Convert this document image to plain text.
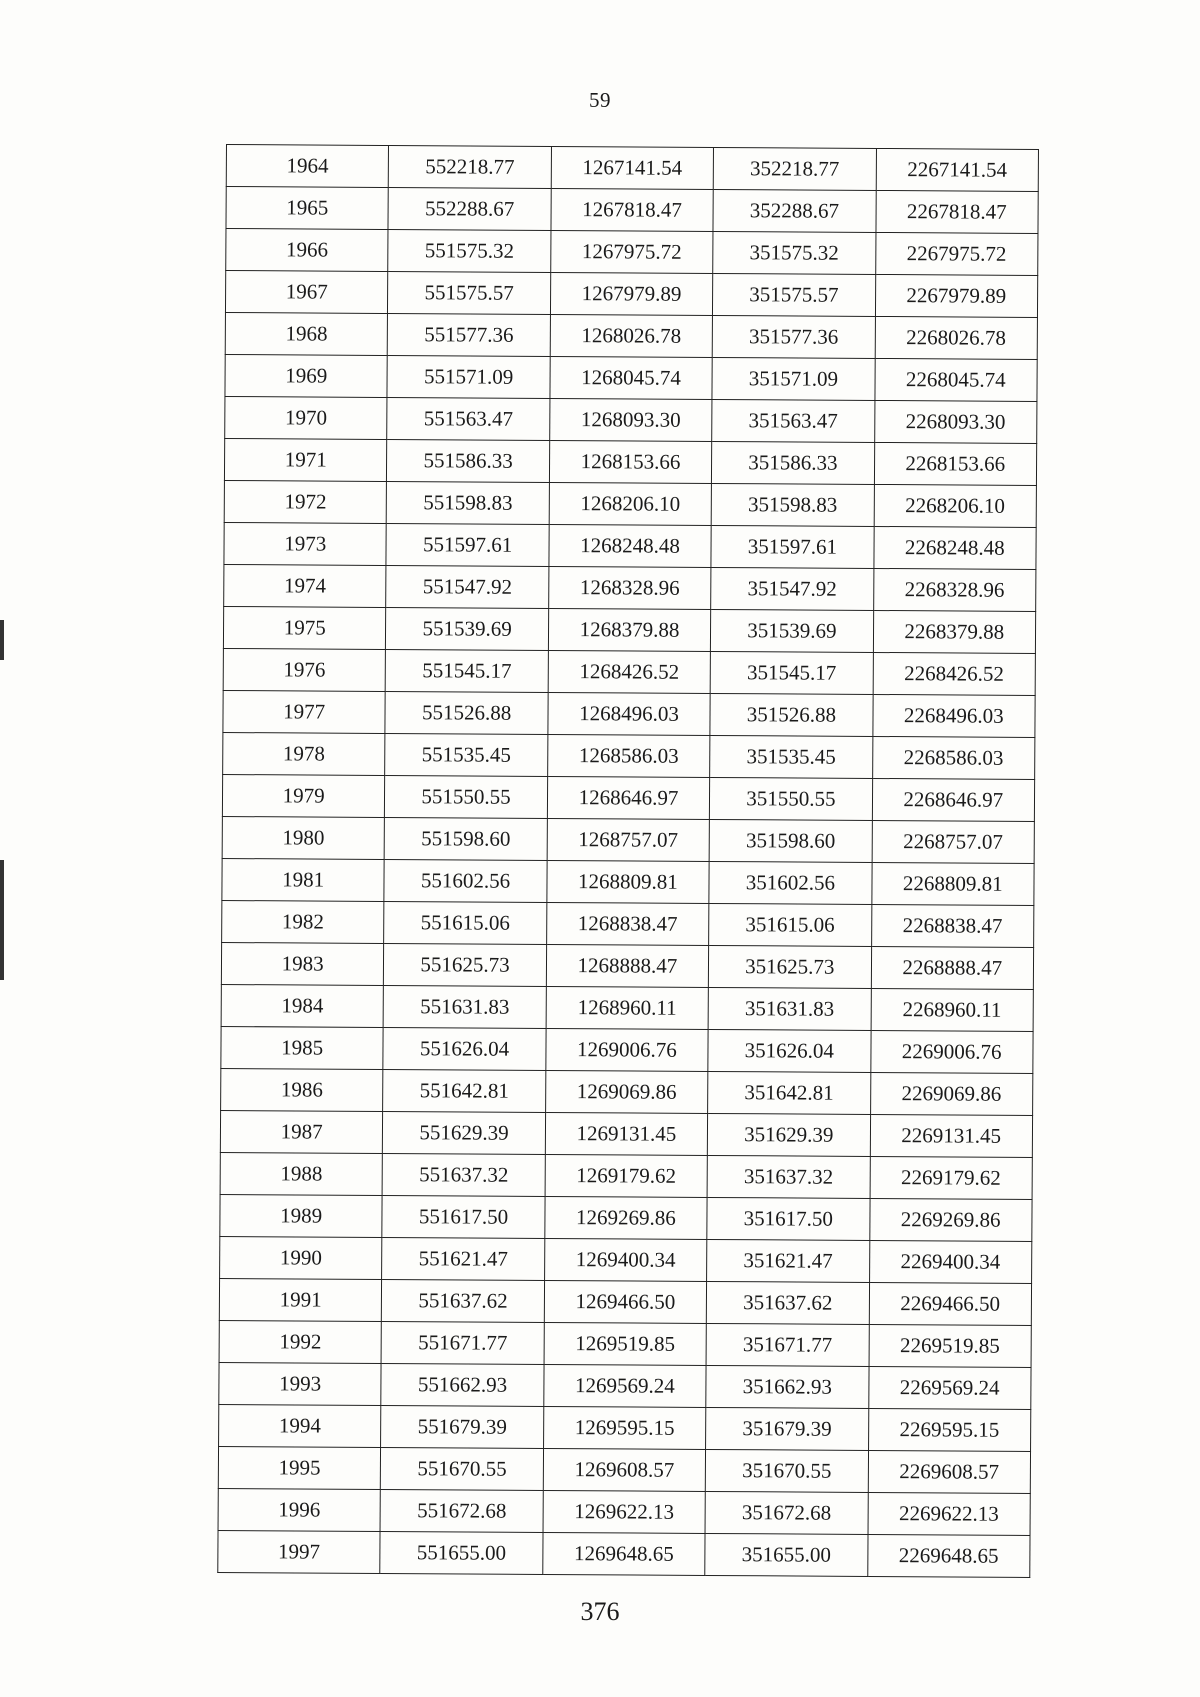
59
1964	552218.77	1267141.54	352218.77	2267141.54
1965	552288.67	1267818.47	352288.67	2267818.47
1966	551575.32	1267975.72	351575.32	2267975.72
1967	551575.57	1267979.89	351575.57	2267979.89
1968	551577.36	1268026.78	351577.36	2268026.78
1969	551571.09	1268045.74	351571.09	2268045.74
1970	551563.47	1268093.30	351563.47	2268093.30
1971	551586.33	1268153.66	351586.33	2268153.66
1972	551598.83	1268206.10	351598.83	2268206.10
1973	551597.61	1268248.48	351597.61	2268248.48
1974	551547.92	1268328.96	351547.92	2268328.96
1975	551539.69	1268379.88	351539.69	2268379.88
1976	551545.17	1268426.52	351545.17	2268426.52
1977	551526.88	1268496.03	351526.88	2268496.03
1978	551535.45	1268586.03	351535.45	2268586.03
1979	551550.55	1268646.97	351550.55	2268646.97
1980	551598.60	1268757.07	351598.60	2268757.07
1981	551602.56	1268809.81	351602.56	2268809.81
1982	551615.06	1268838.47	351615.06	2268838.47
1983	551625.73	1268888.47	351625.73	2268888.47
1984	551631.83	1268960.11	351631.83	2268960.11
1985	551626.04	1269006.76	351626.04	2269006.76
1986	551642.81	1269069.86	351642.81	2269069.86
1987	551629.39	1269131.45	351629.39	2269131.45
1988	551637.32	1269179.62	351637.32	2269179.62
1989	551617.50	1269269.86	351617.50	2269269.86
1990	551621.47	1269400.34	351621.47	2269400.34
1991	551637.62	1269466.50	351637.62	2269466.50
1992	551671.77	1269519.85	351671.77	2269519.85
1993	551662.93	1269569.24	351662.93	2269569.24
1994	551679.39	1269595.15	351679.39	2269595.15
1995	551670.55	1269608.57	351670.55	2269608.57
1996	551672.68	1269622.13	351672.68	2269622.13
1997	551655.00	1269648.65	351655.00	2269648.65
376
